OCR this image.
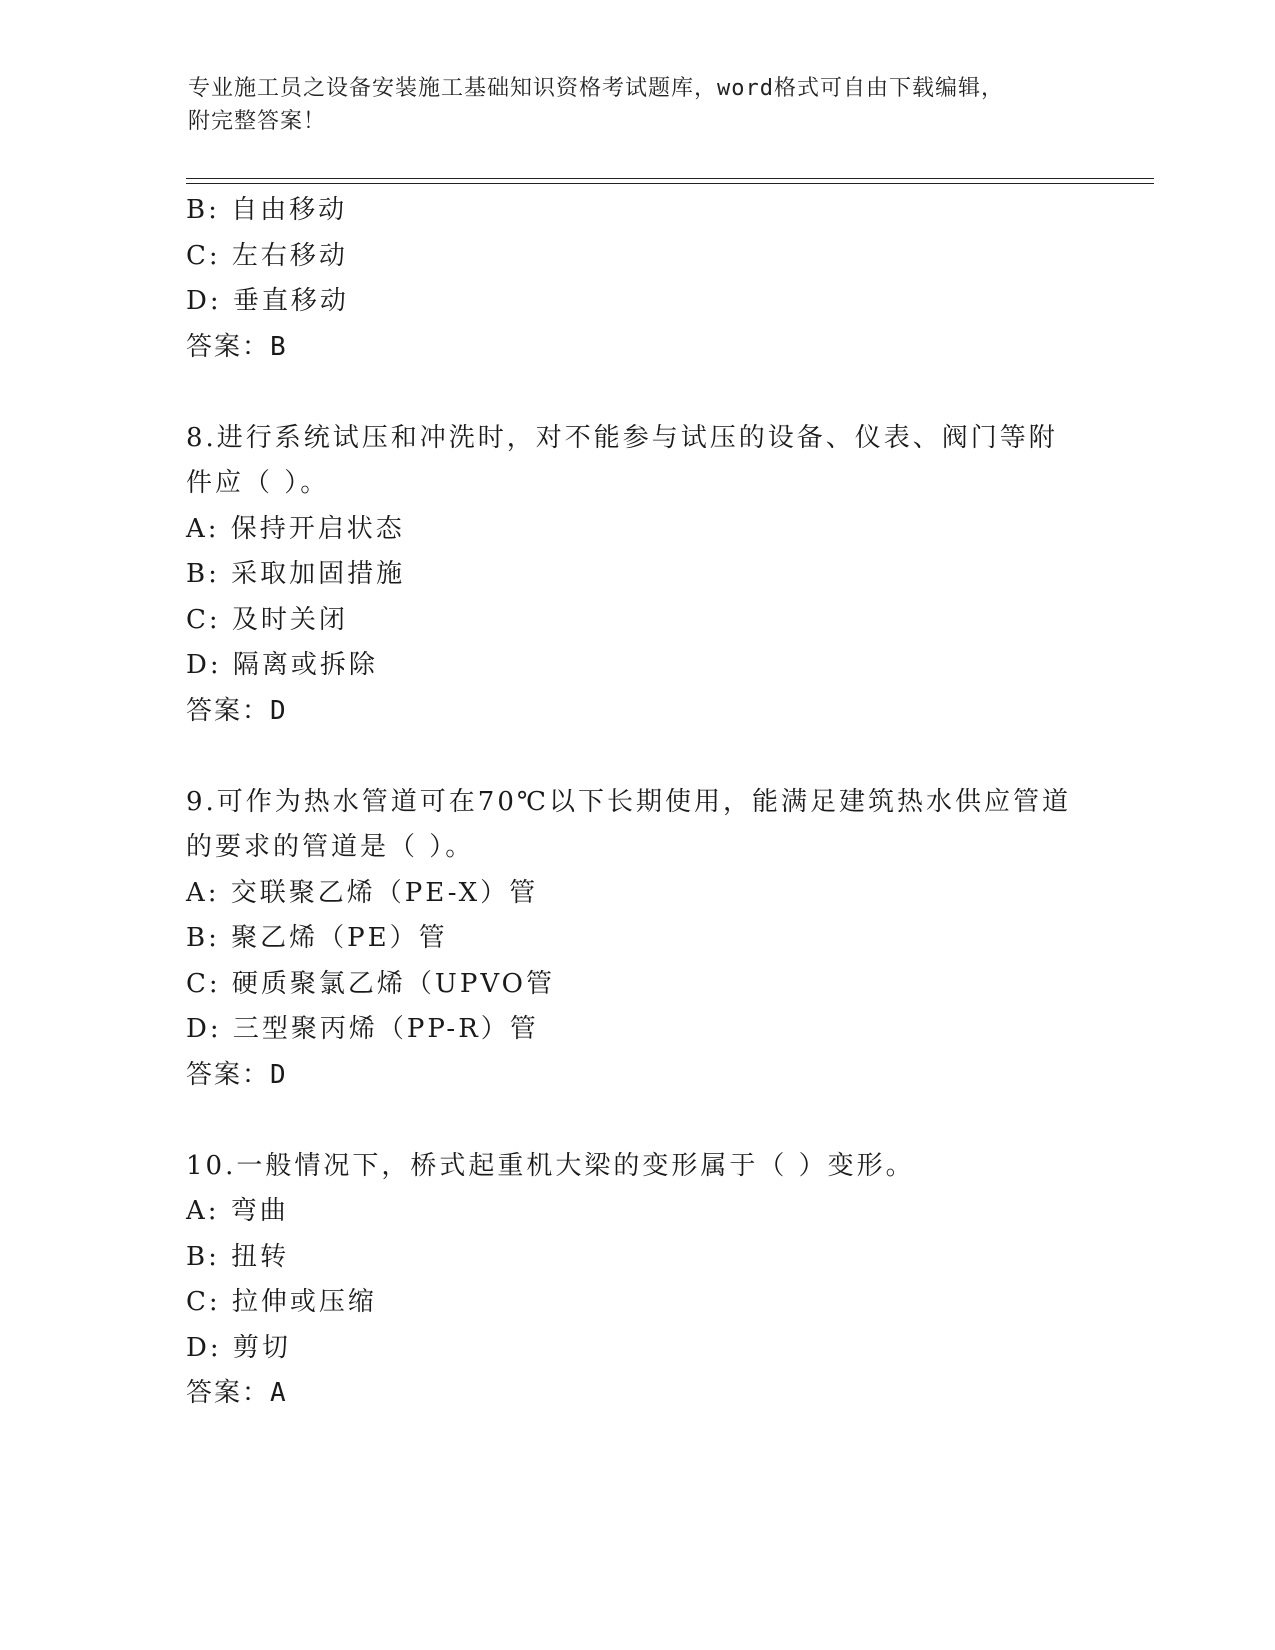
专业施工员之设备安装施工基础知识资格考试题库，word格式可自由下载编辑，
附完整答案！
B: 自由移动
C: 左右移动
D: 垂直移动
答案：B
8.进行系统试压和冲洗时，对不能参与试压的设备、仪表、阀门等附
件应（ ）。
A: 保持开启状态
B: 采取加固措施
C: 及时关闭
D: 隔离或拆除
答案：D
9.可作为热水管道可在70℃以下长期使用，能满足建筑热水供应管道
的要求的管道是（ ）。
A: 交联聚乙烯（PE-X）管
B: 聚乙烯（PE）管
C: 硬质聚氯乙烯（UPVO管
D: 三型聚丙烯（PP-R）管
答案：D
10.一般情况下，桥式起重机大梁的变形属于（ ）变形。
A: 弯曲
B: 扭转
C: 拉伸或压缩
D: 剪切
答案：A
